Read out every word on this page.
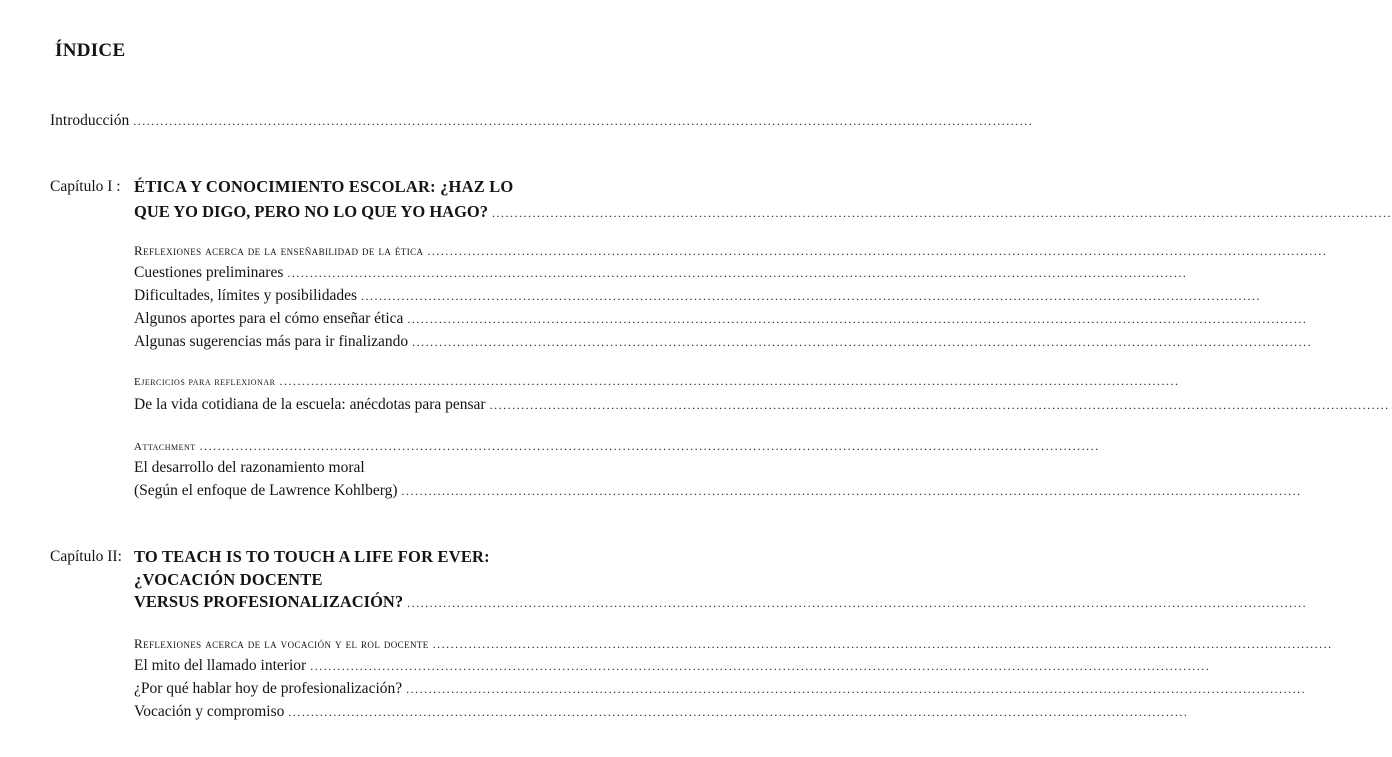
ÍNDICE
Introducción ........................................................................................................................................................................................................
Capítulo I : ÉTICA Y CONOCIMIENTO ESCOLAR: ¿HAZ LO
QUE YO DIGO, PERO NO LO QUE YO HAGO? ........................................................................................................................................................................................................
Reflexiones acerca de la enseñabilidad de la ética ........................................................................................................................................................................................................
Cuestiones preliminares ........................................................................................................................................................................................................
Dificultades, límites y posibilidades ........................................................................................................................................................................................................
Algunos aportes para el cómo enseñar ética ........................................................................................................................................................................................................
Algunas sugerencias más para ir finalizando ........................................................................................................................................................................................................
Ejercicios para reflexionar ........................................................................................................................................................................................................
De la vida cotidiana de la escuela: anécdotas para pensar ........................................................................................................................................................................................................
Attachment ........................................................................................................................................................................................................
El desarrollo del razonamiento moral
(Según el enfoque de Lawrence Kohlberg) ........................................................................................................................................................................................................
Capítulo II: TO TEACH IS TO TOUCH A LIFE FOR EVER:
¿VOCACIÓN DOCENTE
VERSUS PROFESIONALIZACIÓN? ........................................................................................................................................................................................................
Reflexiones acerca de la vocación y el rol docente ........................................................................................................................................................................................................
El mito del llamado interior ........................................................................................................................................................................................................
¿Por qué hablar hoy de profesionalización? ........................................................................................................................................................................................................
Vocación y compromiso ........................................................................................................................................................................................................
